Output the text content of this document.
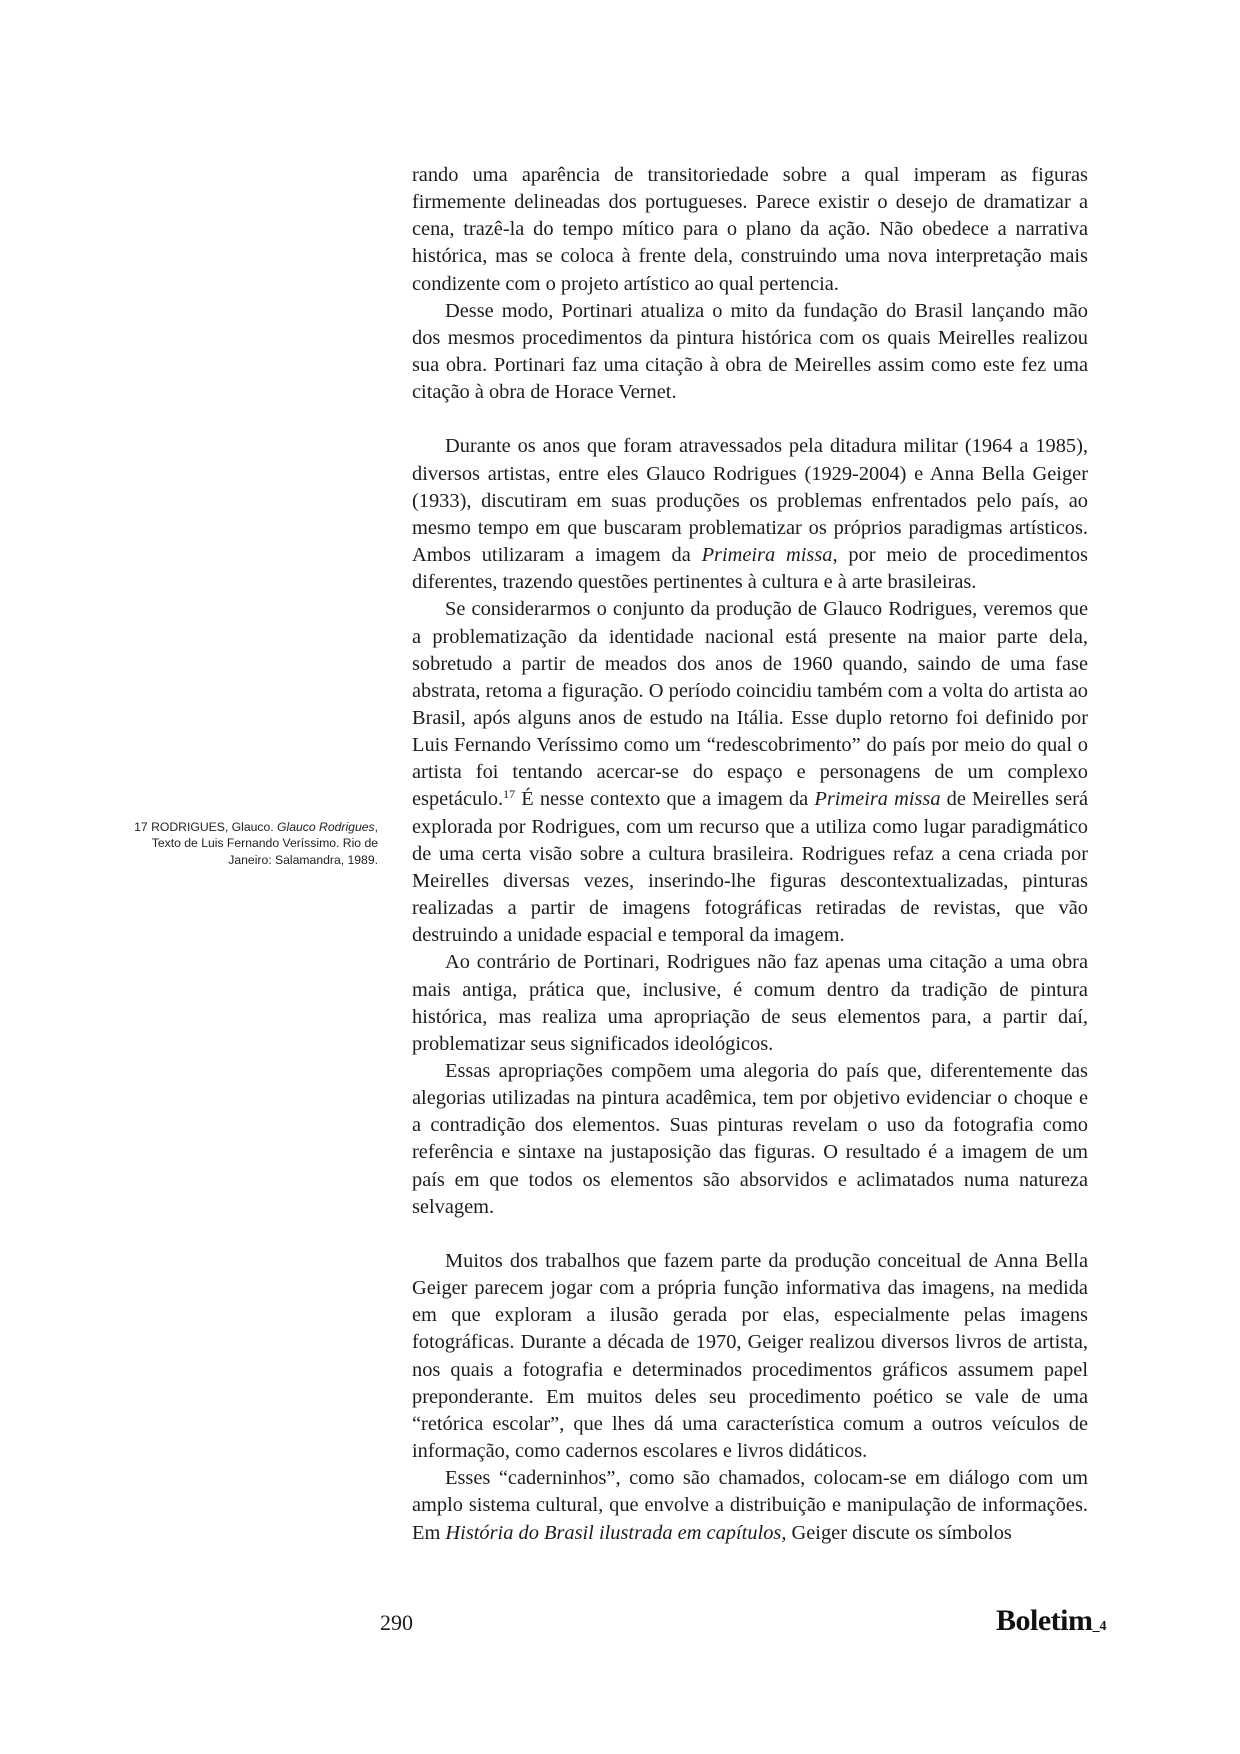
rando uma aparência de transitoriedade sobre a qual imperam as figuras firmemente delineadas dos portugueses. Parece existir o desejo de dramatizar a cena, trazê-la do tempo mítico para o plano da ação. Não obedece a narrativa histórica, mas se coloca à frente dela, construindo uma nova interpretação mais condizente com o projeto artístico ao qual pertencia.

Desse modo, Portinari atualiza o mito da fundação do Brasil lançando mão dos mesmos procedimentos da pintura histórica com os quais Meirelles realizou sua obra. Portinari faz uma citação à obra de Meirelles assim como este fez uma citação à obra de Horace Vernet.

Durante os anos que foram atravessados pela ditadura militar (1964 a 1985), diversos artistas, entre eles Glauco Rodrigues (1929-2004) e Anna Bella Geiger (1933), discutiram em suas produções os problemas enfrentados pelo país, ao mesmo tempo em que buscaram problematizar os próprios paradigmas artísticos. Ambos utilizaram a imagem da Primeira missa, por meio de procedimentos diferentes, trazendo questões pertinentes à cultura e à arte brasileiras.

Se considerarmos o conjunto da produção de Glauco Rodrigues, veremos que a problematização da identidade nacional está presente na maior parte dela, sobretudo a partir de meados dos anos de 1960 quando, saindo de uma fase abstrata, retoma a figuração. O período coincidiu também com a volta do artista ao Brasil, após alguns anos de estudo na Itália. Esse duplo retorno foi definido por Luis Fernando Veríssimo como um “redescobrimento” do país por meio do qual o artista foi tentando acercar-se do espaço e personagens de um complexo espetáculo.$^{17}$ É nesse contexto que a imagem da Primeira missa de Meirelles será explorada por Rodrigues, com um recurso que a utiliza como lugar paradigmático de uma certa visão sobre a cultura brasileira. Rodrigues refaz a cena criada por Meirelles diversas vezes, inserindo-lhe figuras descontextualizadas, pinturas realizadas a partir de imagens fotográficas retiradas de revistas, que vão destruindo a unidade espacial e temporal da imagem.

Ao contrário de Portinari, Rodrigues não faz apenas uma citação a uma obra mais antiga, prática que, inclusive, é comum dentro da tradição de pintura histórica, mas realiza uma apropriação de seus elementos para, a partir daí, problematizar seus significados ideológicos.

Essas apropriações compõem uma alegoria do país que, diferentemente das alegorias utilizadas na pintura acadêmica, tem por objetivo evidenciar o choque e a contradição dos elementos. Suas pinturas revelam o uso da fotografia como referência e sintaxe na justaposição das figuras. O resultado é a imagem de um país em que todos os elementos são absorvidos e aclimatados numa natureza selvagem.

Muitos dos trabalhos que fazem parte da produção conceitual de Anna Bella Geiger parecem jogar com a própria função informativa das imagens, na medida em que exploram a ilusão gerada por elas, especialmente pelas imagens fotográficas. Durante a década de 1970, Geiger realizou diversos livros de artista, nos quais a fotografia e determinados procedimentos gráficos assumem papel preponderante. Em muitos deles seu procedimento poético se vale de uma “retórica escolar”, que lhes dá uma característica comum a outros veículos de informação, como cadernos escolares e livros didáticos.

Esses “caderninhos”, como são chamados, colocam-se em diálogo com um amplo sistema cultural, que envolve a distribuição e manipulação de informações. Em História do Brasil ilustrada em capítulos, Geiger discute os símbolos

17 RODRIGUES, Glauco. Glauco Rodrigues, Texto de Luis Fernando Veríssimo. Rio de Janeiro: Salamandra, 1989.
290	Boletim_4
